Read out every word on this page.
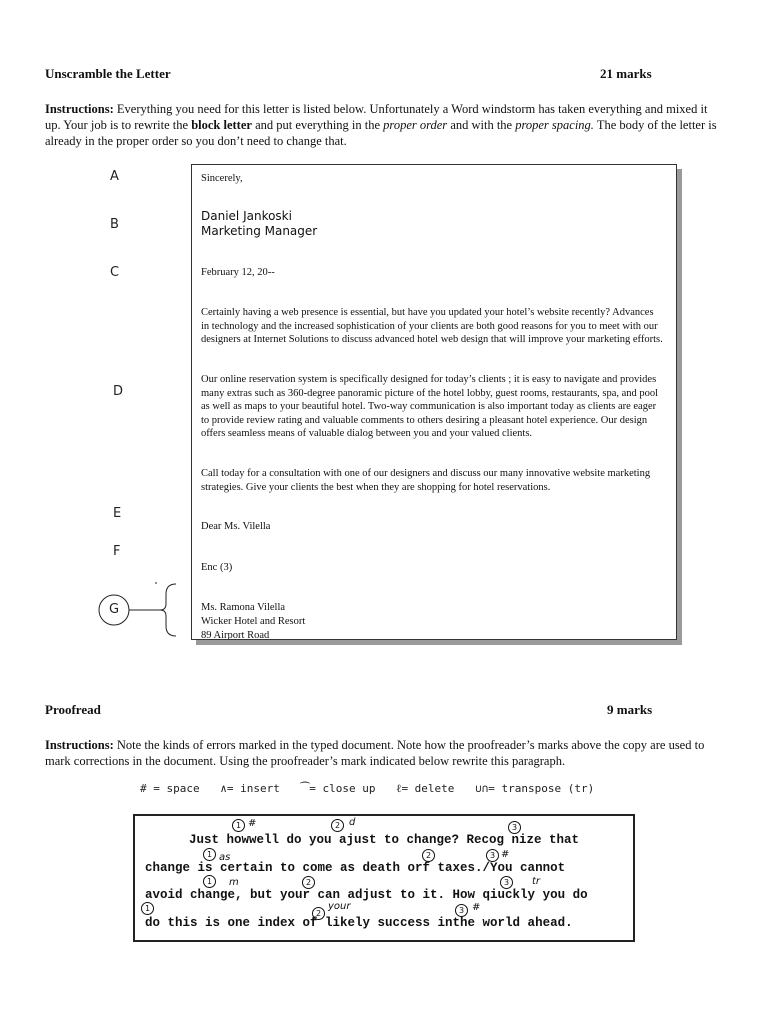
Unscramble the Letter	21 marks
Instructions: Everything you need for this letter is listed below. Unfortunately a Word windstorm has taken everything and mixed it up. Your job is to rewrite the block letter and put everything in the proper order and with the proper spacing. The body of the letter is already in the proper order so you don’t need to change that.
A
B
C
D
E
F
G
Sincerely,
Daniel Jankoski
Marketing Manager
February 12, 20--
Certainly having a web presence is essential, but have you updated your hotel’s website recently? Advances in technology and the increased sophistication of your clients are both good reasons for you to meet with our designers at Internet Solutions to discuss advanced hotel web design that will improve your marketing efforts.
Our online reservation system is specifically designed for today’s clients ; it is easy to navigate and provides many extras such as 360-degree panoramic picture of the hotel lobby, guest rooms, restaurants, spa, and pool as well as maps to your beautiful hotel. Two-way communication is also important today as clients are eager to provide review rating and valuable comments to others desiring a pleasant hotel experience. Our design offers seamless means of valuable dialog between you and your valued clients.
Call today for a consultation with one of our designers and discuss our many innovative website marketing strategies. Give your clients the best when they are shopping for hotel reservations.
Dear Ms. Vilella
Enc (3)
Ms. Ramona Vilella
Wicker Hotel and Resort
89 Airport Road
Proofread	9 marks
Instructions: Note the kinds of errors marked in the typed document. Note how the proofreader’s marks above the copy are used to mark corrections in the document. Using the proofreader’s mark indicated below rewrite this paragraph.
# = space ∧= insert ⁀= close up ℓ= delete ∪∩= transpose (tr)
1 #	2 d	3
Just howwell do you ajust to change? Recog nize that
1 as	2	3 #
change is certain to come as death orf taxes./You cannot
1	m	2	3	tr
avoid change, but your can adjust to it. How qiuckly you do
1
2
your	3 #
do this is one index of likely success inthe world ahead.
